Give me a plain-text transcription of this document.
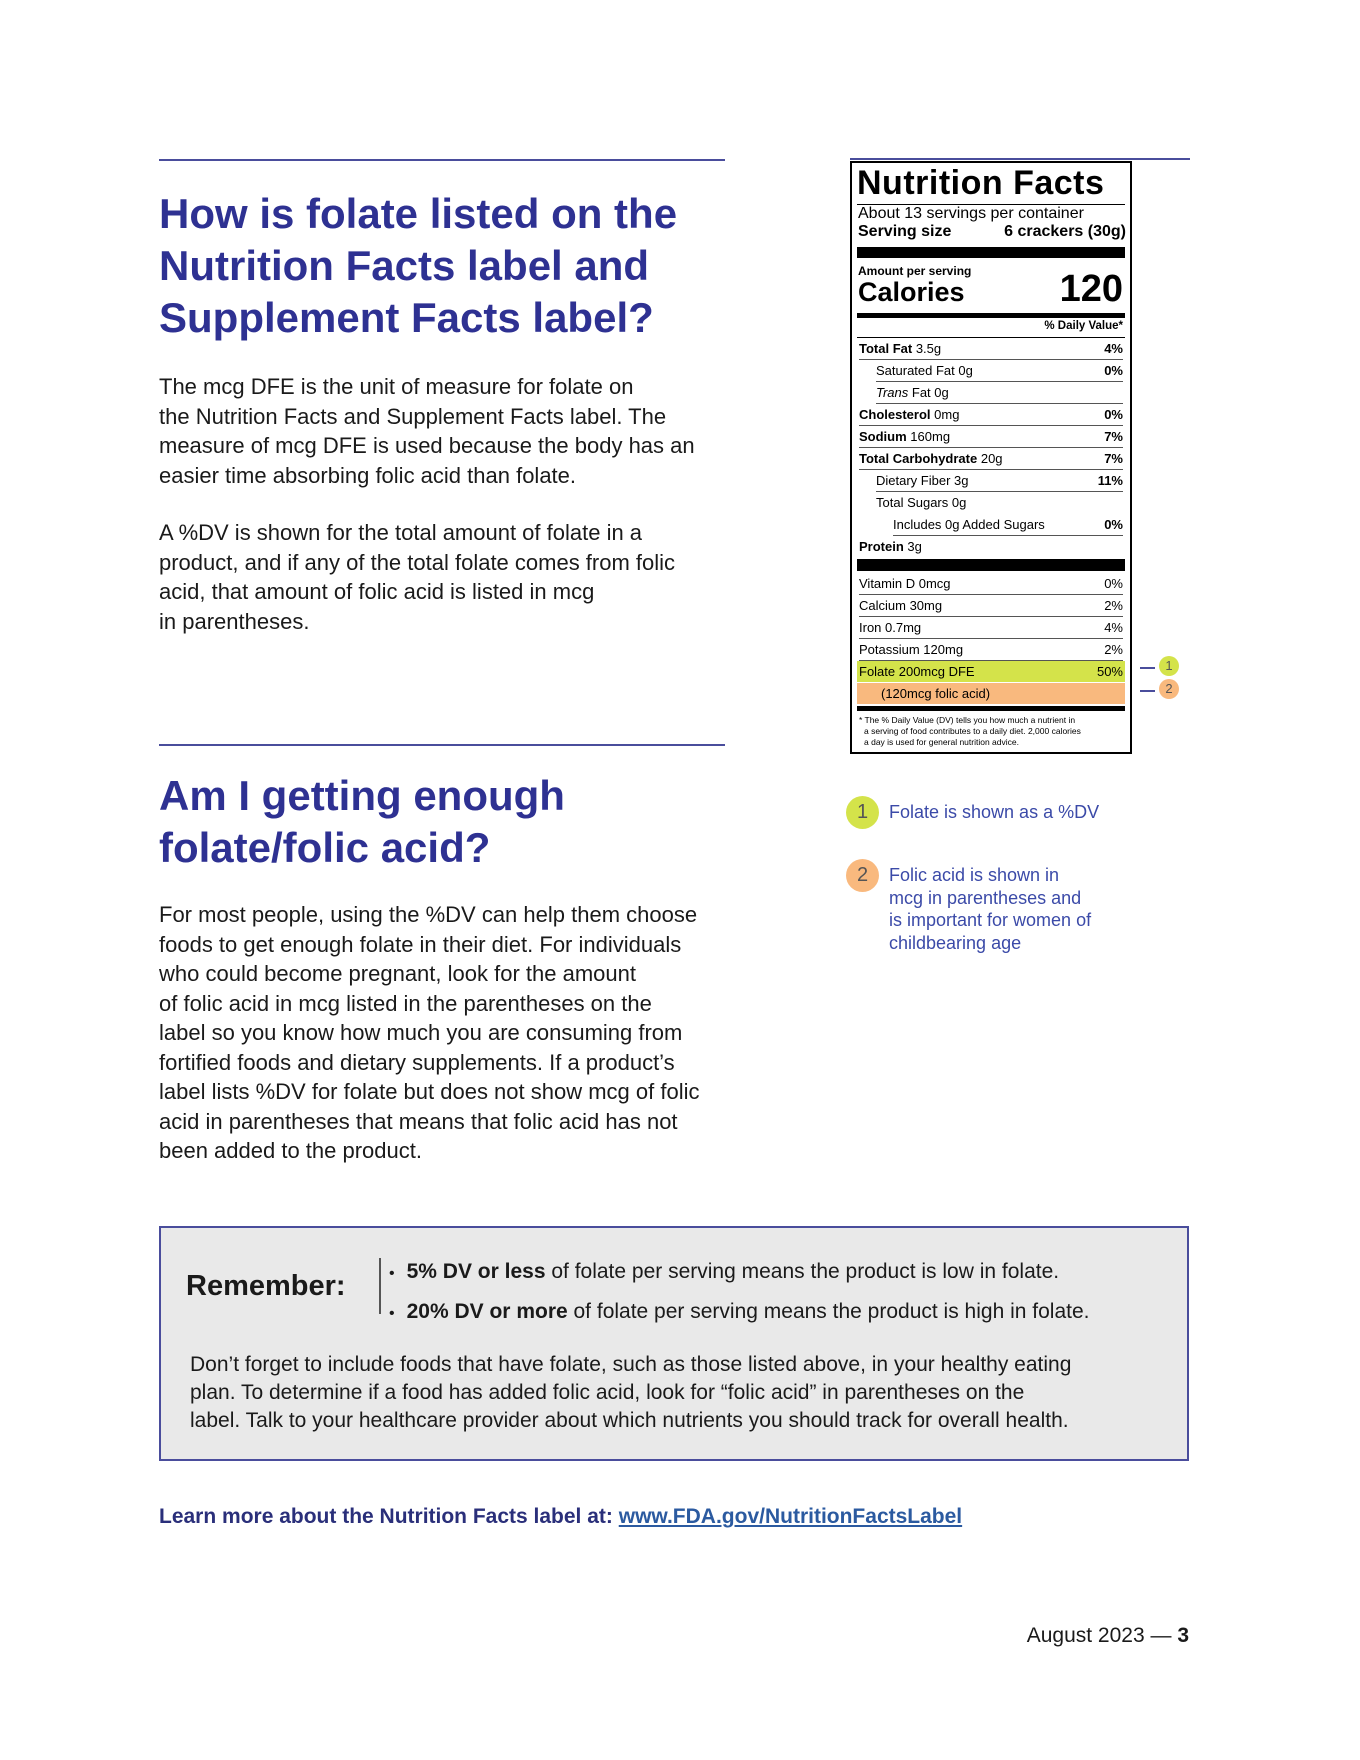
How is folate listed on the
Nutrition Facts label and
Supplement Facts label?
The mcg DFE is the unit of measure for folate on
the Nutrition Facts and Supplement Facts label. The
measure of mcg DFE is used because the body has an
easier time absorbing folic acid than folate.
A %DV is shown for the total amount of folate in a
product, and if any of the total folate comes from folic
acid, that amount of folic acid is listed in mcg
in parentheses.
Am I getting enough
folate/folic acid?
For most people, using the %DV can help them choose
foods to get enough folate in their diet. For individuals
who could become pregnant, look for the amount
of folic acid in mcg listed in the parentheses on the
label so you know how much you are consuming from
fortified foods and dietary supplements. If a product’s
label lists %DV for folate but does not show mcg of folic
acid in parentheses that means that folic acid has not
been added to the product.
Nutrition Facts
About 13 servings per container
Serving size	6 crackers (30g)
Amount per serving
Calories	120
% Daily Value*
Total Fat 3.5g	4%
Saturated Fat 0g	0%
Trans Fat 0g
Cholesterol 0mg	0%
Sodium 160mg	7%
Total Carbohydrate 20g	7%
Dietary Fiber 3g	11%
Total Sugars 0g
Includes 0g Added Sugars	0%
Protein 3g
Vitamin D 0mcg	0%
Calcium 30mg	2%
Iron 0.7mg	4%
Potassium 120mg	2%
Folate 200mcg DFE	50%
(120mcg folic acid)
* The % Daily Value (DV) tells you how much a nutrient in
a serving of food contributes to a daily diet. 2,000 calories
a day is used for general nutrition advice.
1
2
1	Folate is shown as a %DV
2	Folic acid is shown in
mcg in parentheses and
is important for women of
childbearing age
Remember:	• 5% DV or less of folate per serving means the product is low in folate.
• 20% DV or more of folate per serving means the product is high in folate.
Don’t forget to include foods that have folate, such as those listed above, in your healthy eating
plan. To determine if a food has added folic acid, look for “folic acid” in parentheses on the
label. Talk to your healthcare provider about which nutrients you should track for overall health.
Learn more about the Nutrition Facts label at: www.FDA.gov/NutritionFactsLabel
August 2023 — 3
